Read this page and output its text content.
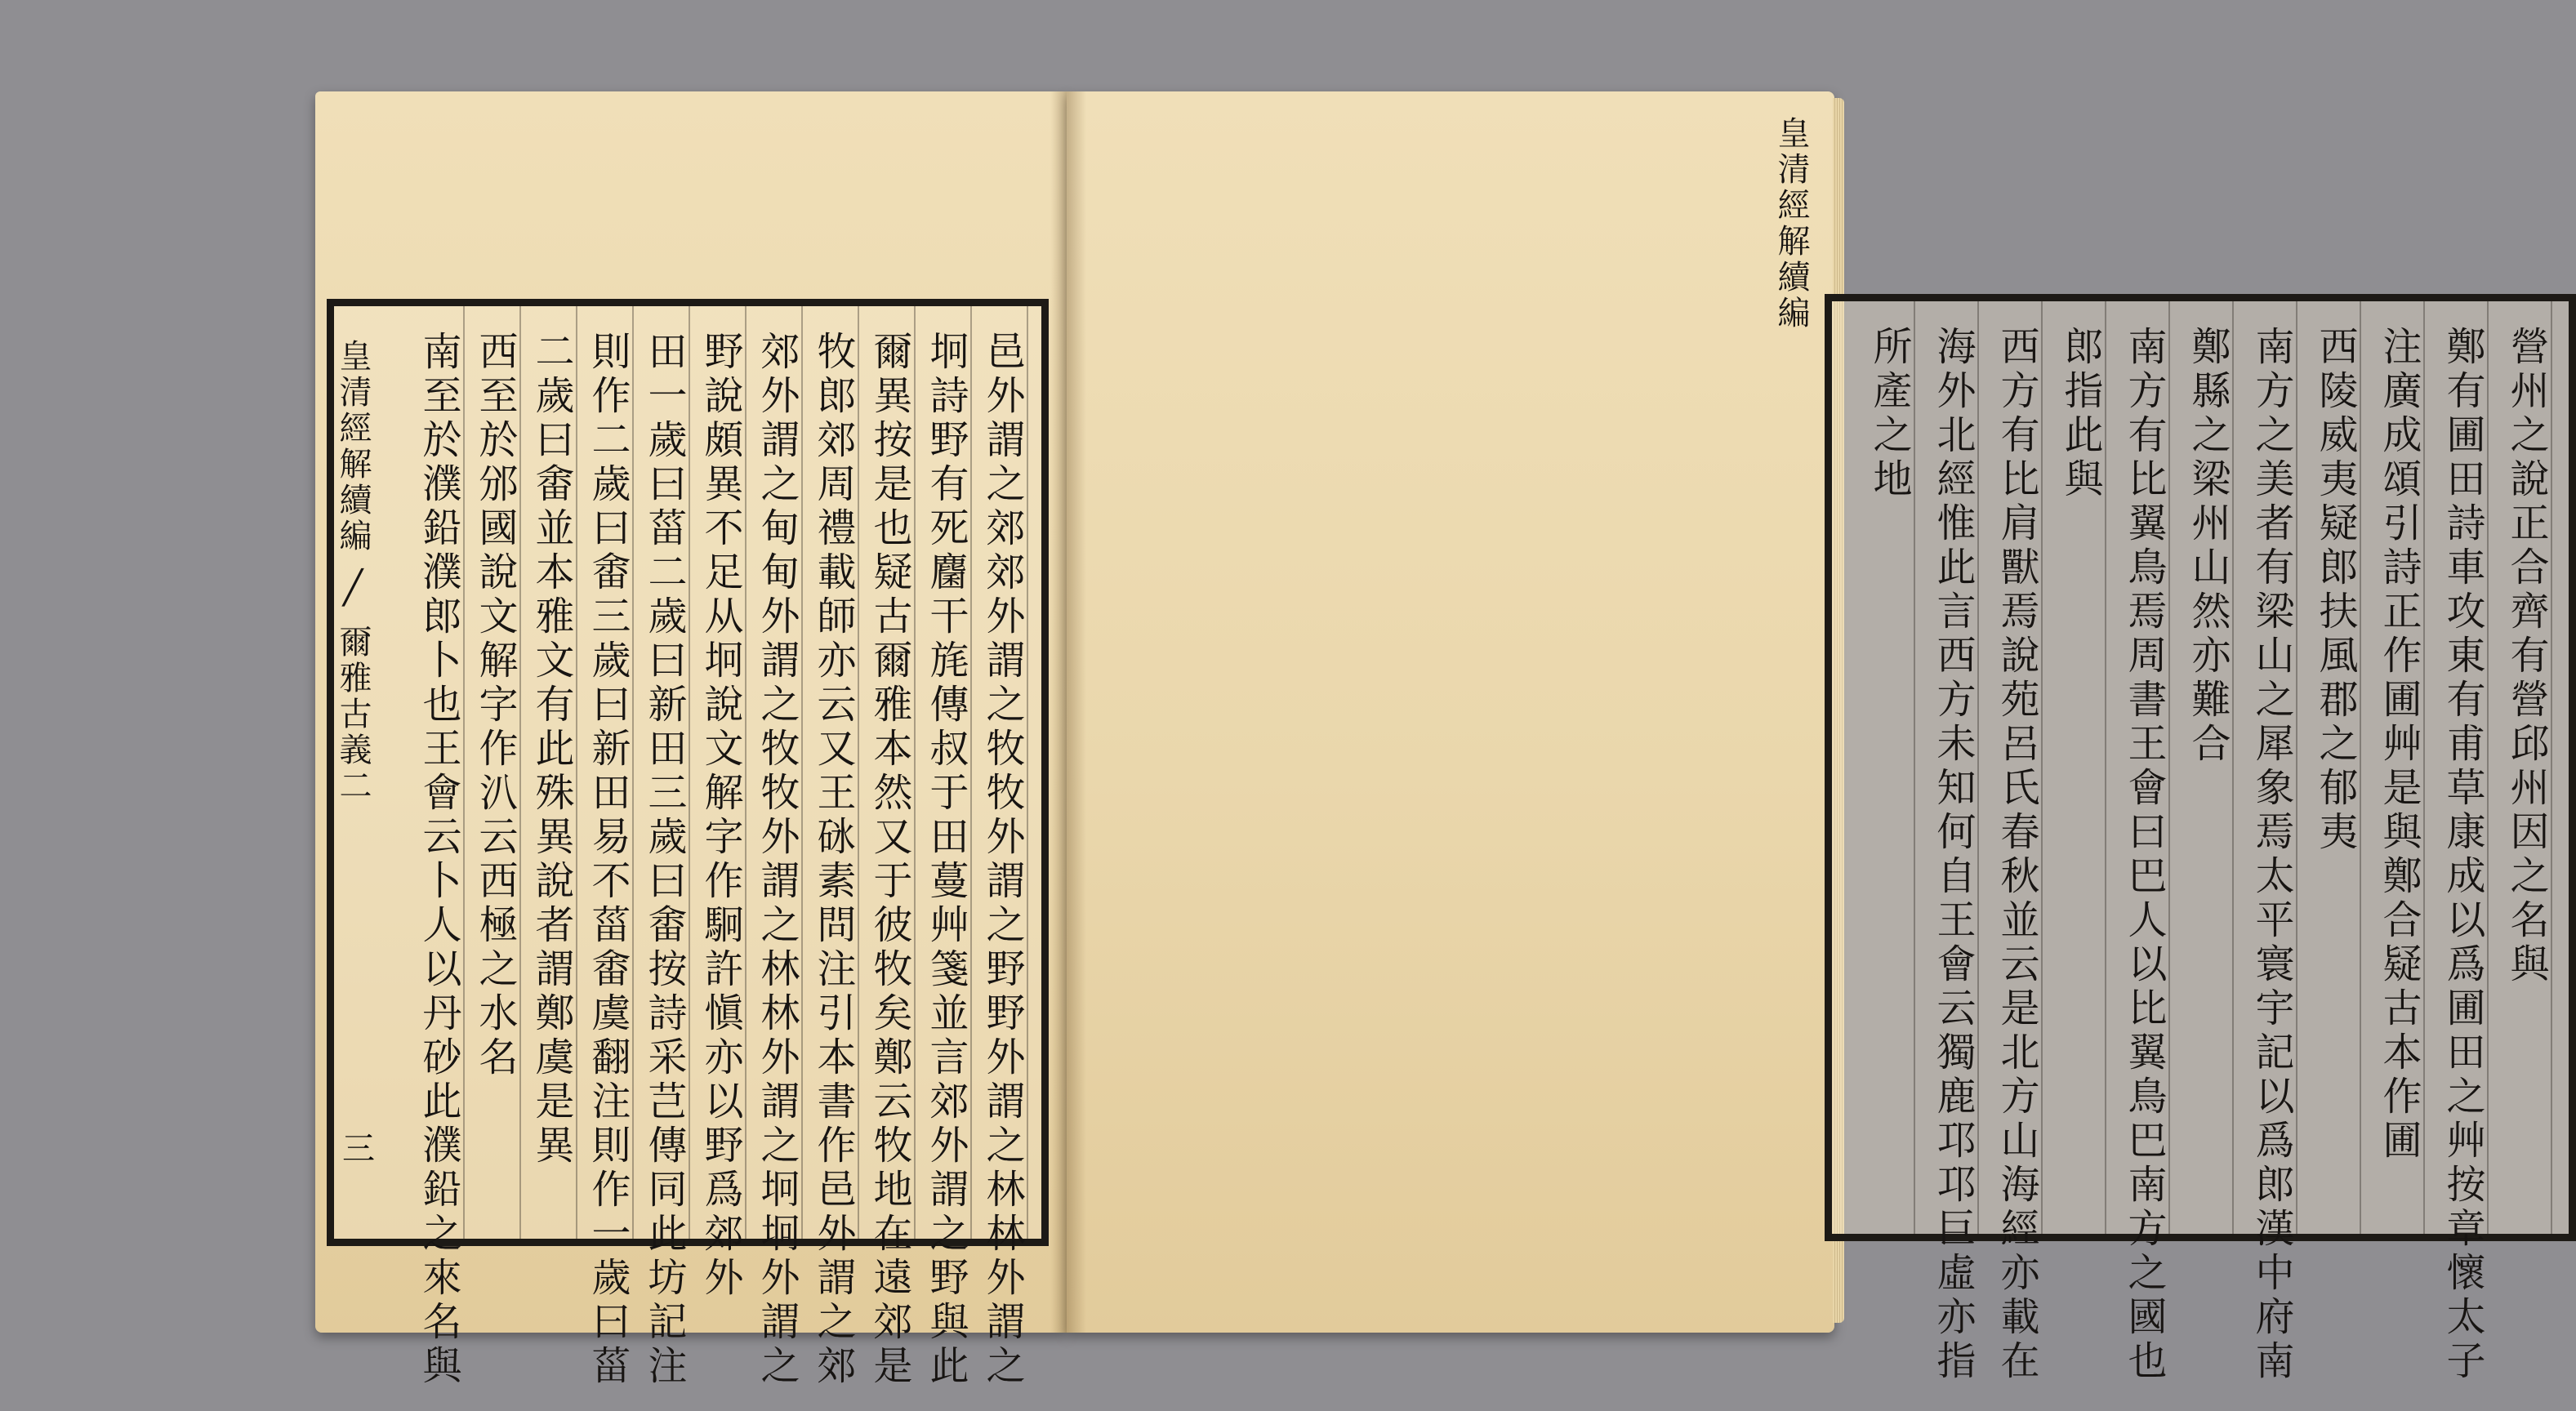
皇清經解續編╱爾雅古義二
三	邑外謂之郊郊外謂之牧牧外謂之野野外謂之林林外謂之
坰詩野有死麕干旄傳叔于田蔓艸箋並言郊外謂之野與此
爾異按是也疑古爾雅本然又于彼牧矣鄭云牧地在遠郊是
牧郎郊周禮載師亦云又王砯素問注引本書作邑外謂之郊
郊外謂之甸甸外謂之牧牧外謂之林林外謂之坰坰外謂之
野說頗異不足从坰說文解字作駉許愼亦以野爲郊外
田一歲曰菑二歲曰新田三歲曰畬按詩采芑傳同此坊記注
則作二歲曰畬三歲曰新田易不菑畬虞翻注則作一歲曰菑
二歲曰畬並本雅文有此殊異說者謂鄭虞是異
西至於邠國說文解字作汃云西極之水名
南至於濮鉛濮郎卜也王會云卜人以丹砂此濮鉛之來名與	營州之說正合齊有營邱州因之名與
鄭有圃田詩車攻東有甫草康成以爲圃田之艸按章懷太子
注廣成頌引詩正作圃艸是與鄭合疑古本作圃
西陵威夷疑郎扶風郡之郁夷
南方之美者有梁山之犀象焉太平寰宇記以爲郎漢中府南
鄭縣之梁州山然亦難合
南方有比翼鳥焉周書王會曰巴人以比翼鳥巴南方之國也
郎指此與
西方有比肩獸焉說苑呂氏春秋並云是北方山海經亦載在
海外北經惟此言西方未知何自王會云獨鹿邛邛巨虛亦指
所產之地
皇清經解續編
